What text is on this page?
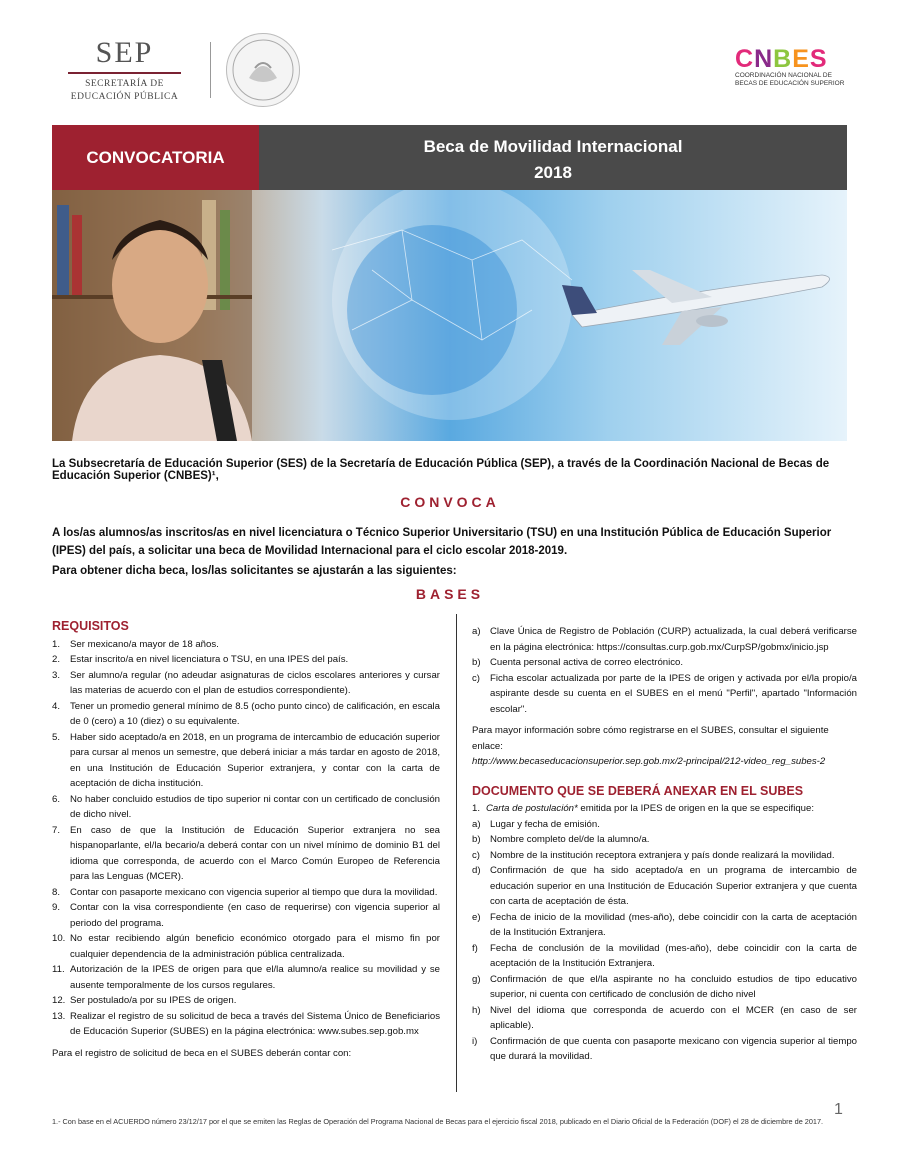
SEP
SECRETARÍA DE
EDUCACIÓN PÚBLICA
CNBES
COORDINACIÓN NACIONAL DE
BECAS DE EDUCACIÓN SUPERIOR
CONVOCATORIA
Beca de Movilidad Internacional
2018
La Subsecretaría de Educación Superior (SES) de la Secretaría de Educación Pública (SEP), a través de la Coordinación Nacional de Becas de Educación Superior (CNBES)¹,
CONVOCA
A los/as alumnos/as inscritos/as en nivel licenciatura o Técnico Superior Universitario (TSU) en una Institución Pública de Educación Superior (IPES) del país, a solicitar una beca de Movilidad Internacional para el ciclo escolar 2018-2019.
Para obtener dicha beca, los/las solicitantes se ajustarán a las siguientes:
BASES
REQUISITOS
1. Ser mexicano/a mayor de 18 años.
2. Estar inscrito/a en nivel licenciatura o TSU, en una IPES del país.
3. Ser alumno/a regular (no adeudar asignaturas de ciclos escolares anteriores y cursar las materias de acuerdo con el plan de estudios correspondiente).
4. Tener un promedio general mínimo de 8.5 (ocho punto cinco) de calificación, en escala de 0 (cero) a 10 (diez) o su equivalente.
5. Haber sido aceptado/a en 2018, en un programa de intercambio de educación superior para cursar al menos un semestre, que deberá iniciar a más tardar en agosto de 2018, en una Institución de Educación Superior extranjera, y contar con la carta de aceptación de dicha institución.
6. No haber concluido estudios de tipo superior ni contar con un certificado de conclusión de dicho nivel.
7. En caso de que la Institución de Educación Superior extranjera no sea hispanoparlante, el/la becario/a deberá contar con un nivel mínimo de dominio B1 del idioma que corresponda, de acuerdo con el Marco Común Europeo de Referencia para las Lenguas (MCER).
8. Contar con pasaporte mexicano con vigencia superior al tiempo que dura la movilidad.
9. Contar con la visa correspondiente (en caso de requerirse) con vigencia superior al periodo del programa.
10. No estar recibiendo algún beneficio económico otorgado para el mismo fin por cualquier dependencia de la administración pública centralizada.
11. Autorización de la IPES de origen para que el/la alumno/a realice su movilidad y se ausente temporalmente de los cursos regulares.
12. Ser postulado/a por su IPES de origen.
13. Realizar el registro de su solicitud de beca a través del Sistema Único de Beneficiarios de Educación Superior (SUBES) en la página electrónica: www.subes.sep.gob.mx
Para el registro de solicitud de beca en el SUBES deberán contar con:
a) Clave Única de Registro de Población (CURP) actualizada, la cual deberá verificarse en la página electrónica: https://consultas.curp.gob.mx/CurpSP/gobmx/inicio.jsp
b) Cuenta personal activa de correo electrónico.
c) Ficha escolar actualizada por parte de la IPES de origen y activada por el/la propio/a aspirante desde su cuenta en el SUBES en el menú "Perfil", apartado "Información escolar".
Para mayor información sobre cómo registrarse en el SUBES, consultar el siguiente enlace:
http://www.becaseducacionsuperior.sep.gob.mx/2-principal/212-video_reg_subes-2
DOCUMENTO QUE SE DEBERÁ ANEXAR EN EL SUBES
1. Carta de postulación* emitida por la IPES de origen en la que se especifique:
a) Lugar y fecha de emisión.
b) Nombre completo del/de la alumno/a.
c) Nombre de la institución receptora extranjera y país donde realizará la movilidad.
d) Confirmación de que ha sido aceptado/a en un programa de intercambio de educación superior en una Institución de Educación Superior extranjera y que cuenta con carta de aceptación de ésta.
e) Fecha de inicio de la movilidad (mes-año), debe coincidir con la carta de aceptación de la Institución Extranjera.
f) Fecha de conclusión de la movilidad (mes-año), debe coincidir con la carta de aceptación de la Institución Extranjera.
g) Confirmación de que el/la aspirante no ha concluido estudios de tipo educativo superior, ni cuenta con certificado de conclusión de dicho nivel
h) Nivel del idioma que corresponda de acuerdo con el MCER (en caso de ser aplicable).
i) Confirmación de que cuenta con pasaporte mexicano con vigencia superior al tiempo que durará la movilidad.
1
1.- Con base en el ACUERDO número 23/12/17 por el que se emiten las Reglas de Operación del Programa Nacional de Becas para el ejercicio fiscal 2018, publicado en el Diario Oficial de la Federación (DOF) el 28 de diciembre de 2017.
